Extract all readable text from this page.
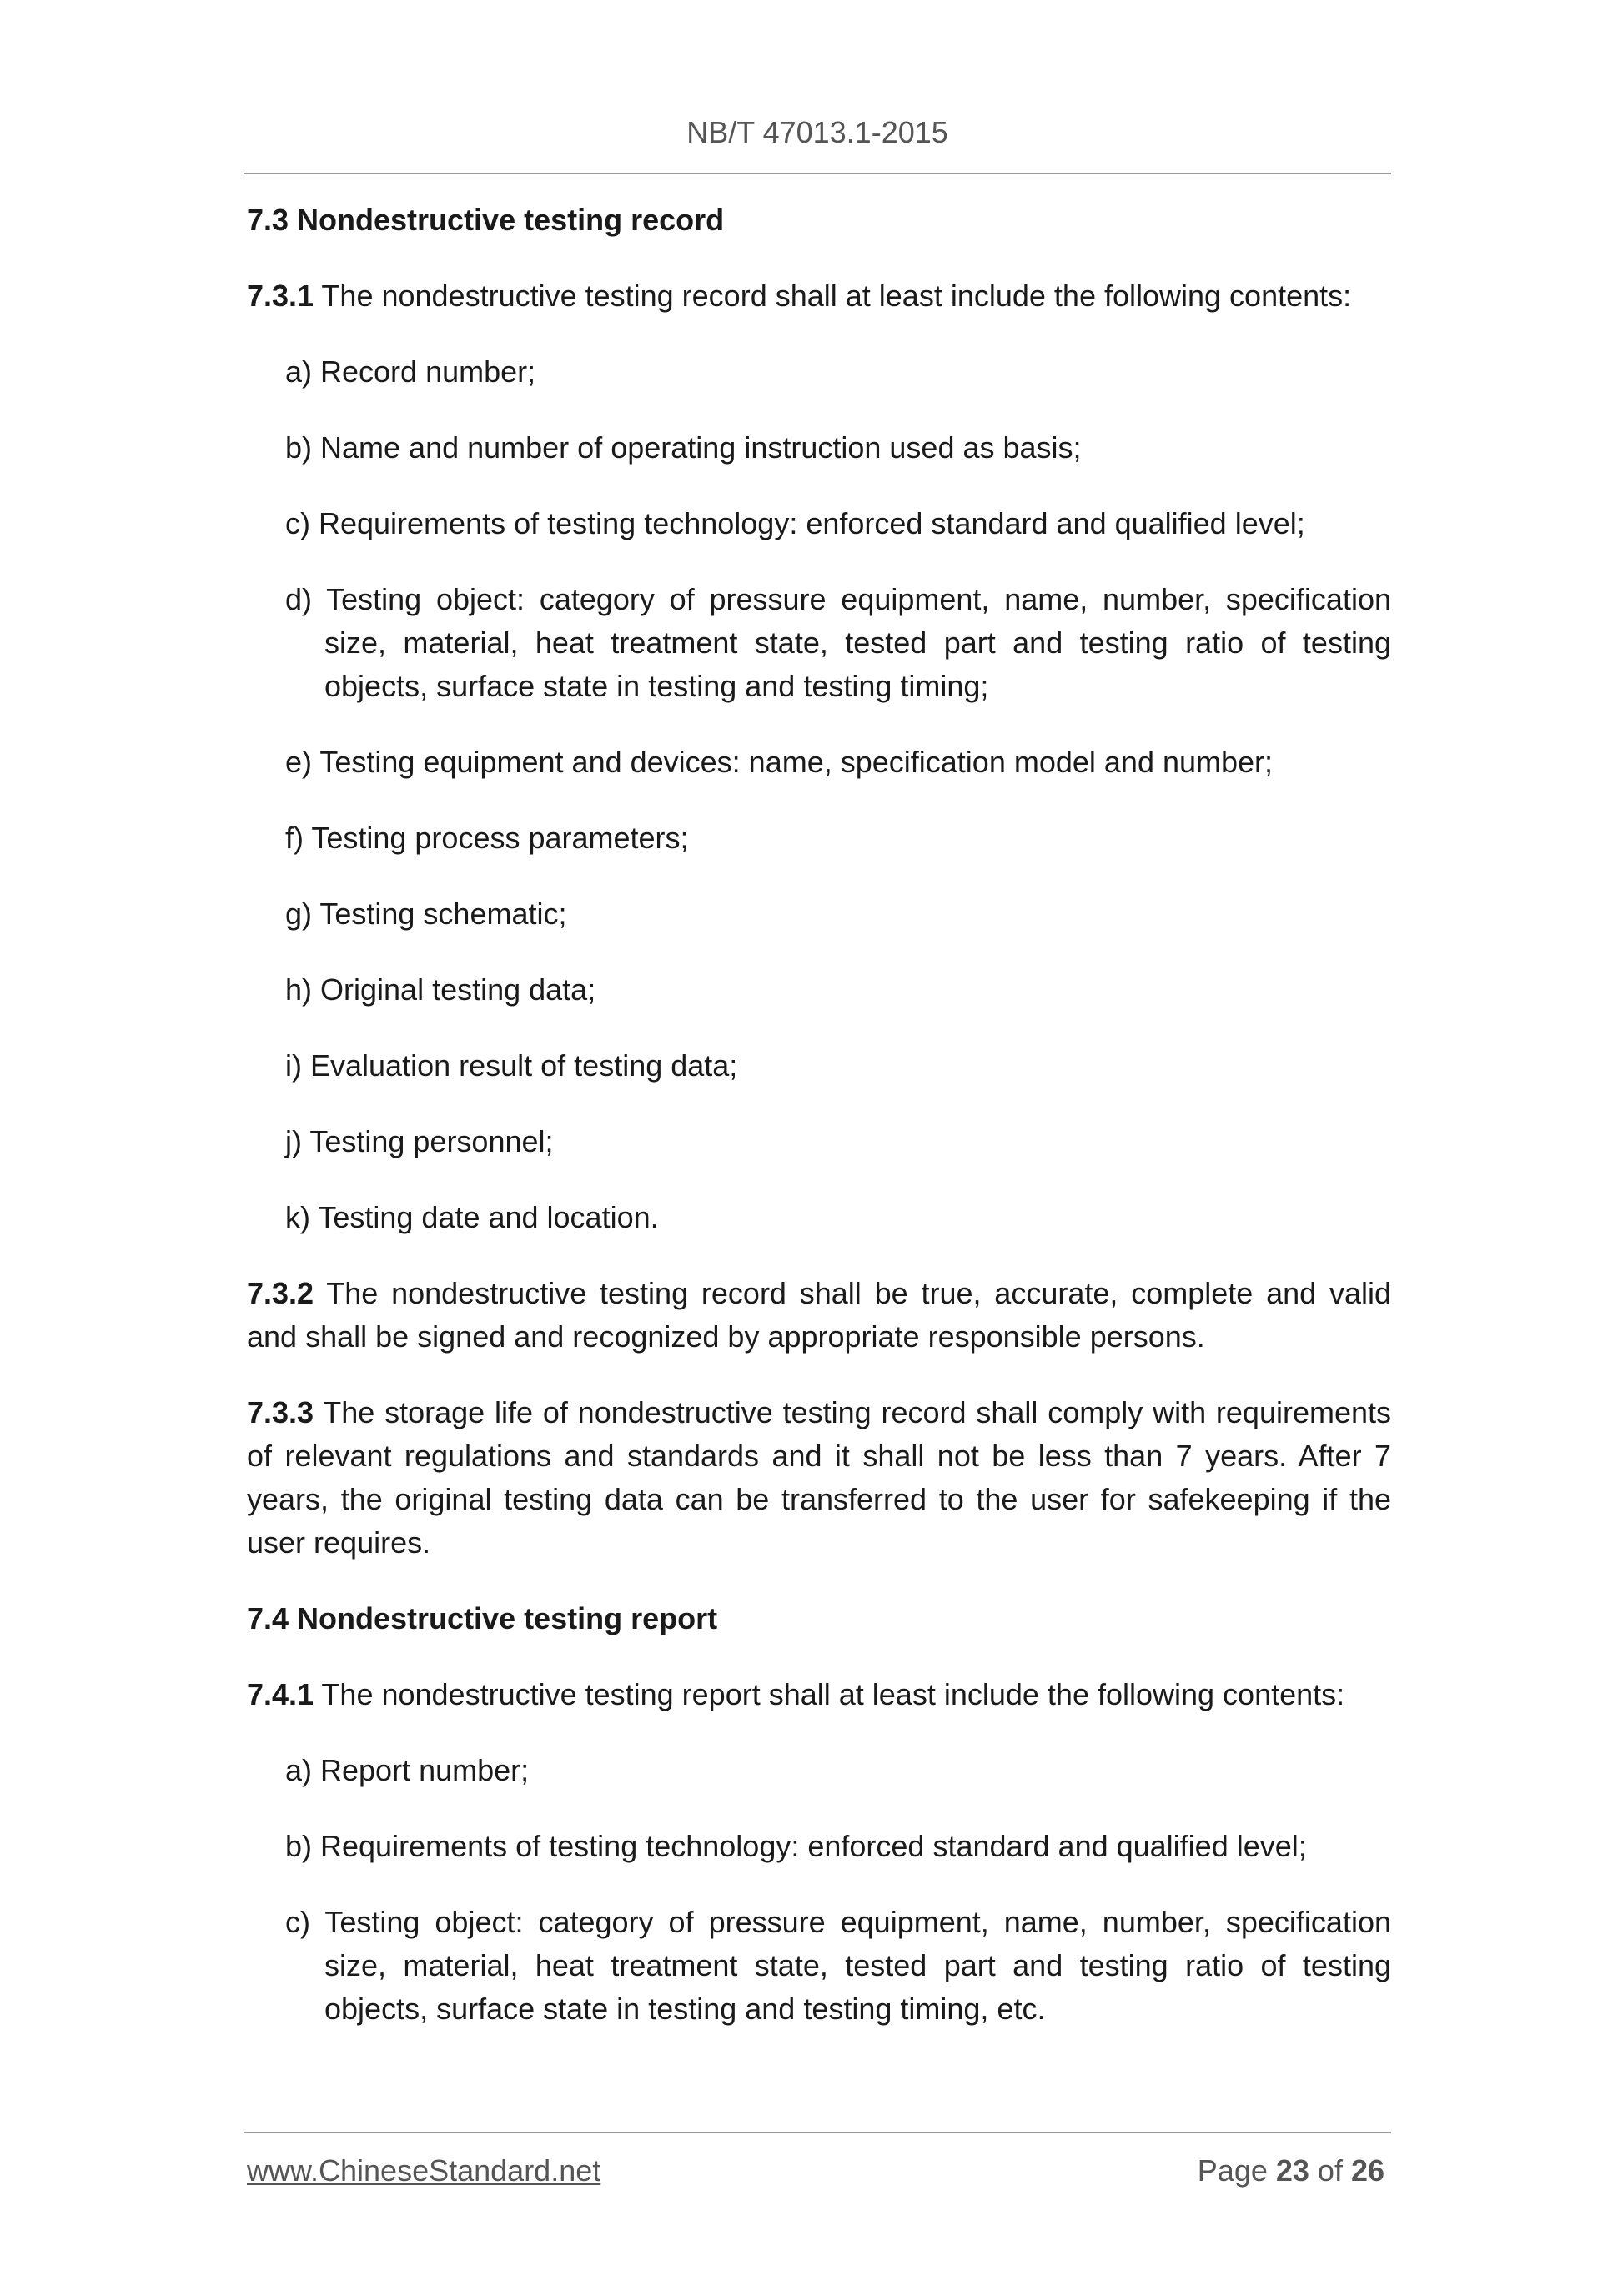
NB/T 47013.1-2015
7.3 Nondestructive testing record
7.3.1 The nondestructive testing record shall at least include the following contents:
a) Record number;
b) Name and number of operating instruction used as basis;
c) Requirements of testing technology: enforced standard and qualified level;
d) Testing object: category of pressure equipment, name, number, specification size, material, heat treatment state, tested part and testing ratio of testing objects, surface state in testing and testing timing;
e) Testing equipment and devices: name, specification model and number;
f) Testing process parameters;
g) Testing schematic;
h) Original testing data;
i) Evaluation result of testing data;
j) Testing personnel;
k) Testing date and location.
7.3.2 The nondestructive testing record shall be true, accurate, complete and valid and shall be signed and recognized by appropriate responsible persons.
7.3.3 The storage life of nondestructive testing record shall comply with requirements of relevant regulations and standards and it shall not be less than 7 years. After 7 years, the original testing data can be transferred to the user for safekeeping if the user requires.
7.4 Nondestructive testing report
7.4.1 The nondestructive testing report shall at least include the following contents:
a) Report number;
b) Requirements of testing technology: enforced standard and qualified level;
c) Testing object: category of pressure equipment, name, number, specification size, material, heat treatment state, tested part and testing ratio of testing objects, surface state in testing and testing timing, etc.
www.ChineseStandard.net	Page 23 of 26
